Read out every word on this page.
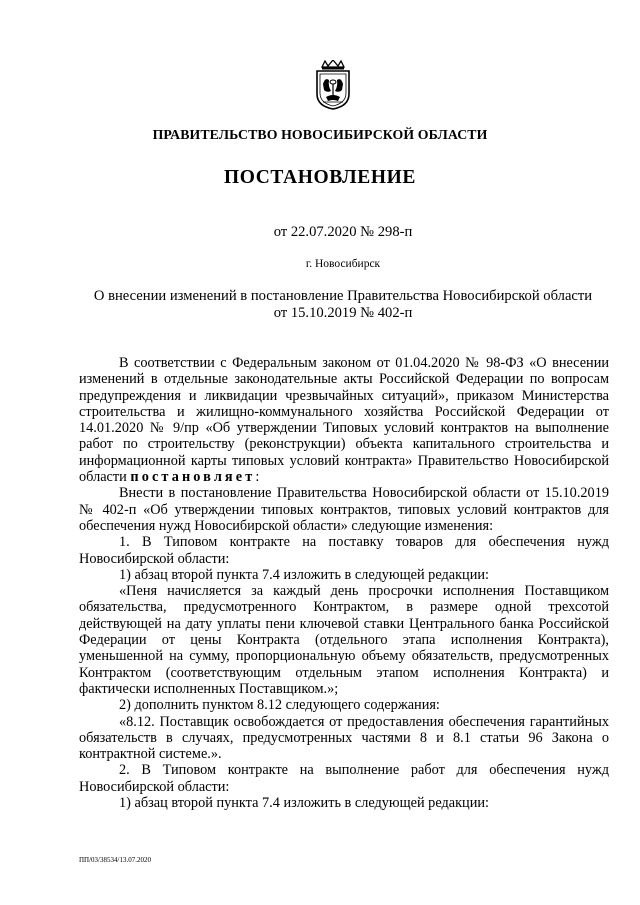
ПРАВИТЕЛЬСТВО НОВОСИБИРСКОЙ ОБЛАСТИ
ПОСТАНОВЛЕНИЕ
от 22.07.2020 № 298-п
г. Новосибирск
О внесении изменений в постановление Правительства Новосибирской области
от 15.10.2019 № 402-п

В соответствии с Федеральным законом от 01.04.2020 № 98-ФЗ «О внесении изменений в отдельные законодательные акты Российской Федерации по вопросам предупреждения и ликвидации чрезвычайных ситуаций», приказом Министерства строительства и жилищно-коммунального хозяйства Российской Федерации от 14.01.2020 № 9/пр «Об утверждении Типовых условий контрактов на выполнение работ по строительству (реконструкции) объекта капитального строительства и информационной карты типовых условий контракта» Правительство Новосибирской области постановляет:

Внести в постановление Правительства Новосибирской области от 15.10.2019 № 402-п «Об утверждении типовых контрактов, типовых условий контрактов для обеспечения нужд Новосибирской области» следующие изменения:

1. В Типовом контракте на поставку товаров для обеспечения нужд Новосибирской области:

1) абзац второй пункта 7.4 изложить в следующей редакции:

«Пеня начисляется за каждый день просрочки исполнения Поставщиком обязательства, предусмотренного Контрактом, в размере одной трехсотой действующей на дату уплаты пени ключевой ставки Центрального банка Российской Федерации от цены Контракта (отдельного этапа исполнения Контракта), уменьшенной на сумму, пропорциональную объему обязательств, предусмотренных Контрактом (соответствующим отдельным этапом исполнения Контракта) и фактически исполненных Поставщиком.»;

2) дополнить пунктом 8.12 следующего содержания:

«8.12. Поставщик освобождается от предоставления обеспечения гарантийных обязательств в случаях, предусмотренных частями 8 и 8.1 статьи 96 Закона о контрактной системе.».

2. В Типовом контракте на выполнение работ для обеспечения нужд Новосибирской области:

1) абзац второй пункта 7.4 изложить в следующей редакции:

ПП/03/38534/13.07.2020
